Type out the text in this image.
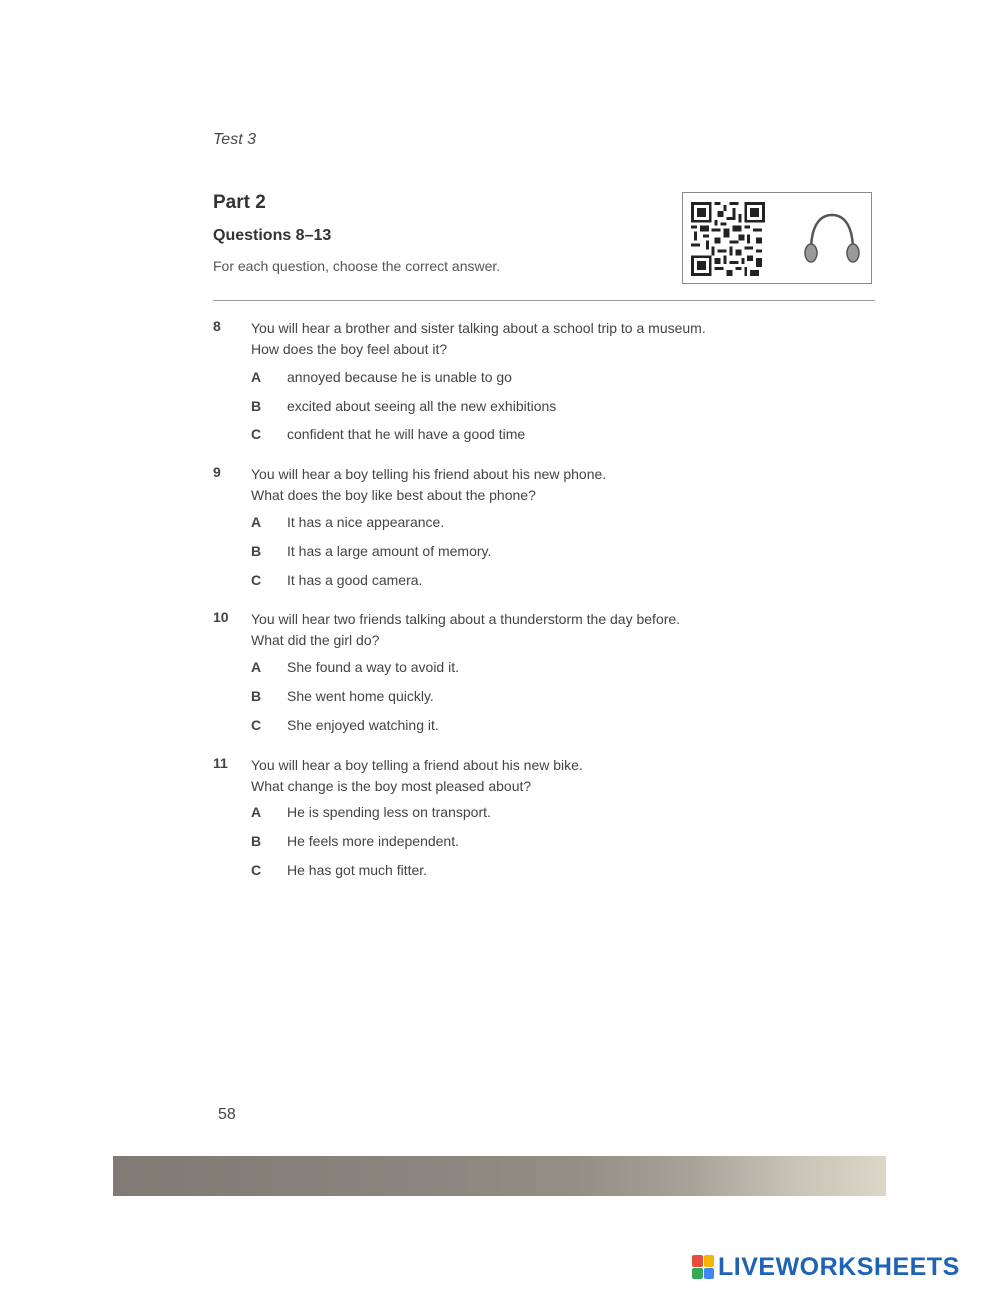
Test 3
Part 2
Questions 8–13
For each question, choose the correct answer.
8	You will hear a brother and sister talking about a school trip to a museum.
How does the boy feel about it?
A	annoyed because he is unable to go
B	excited about seeing all the new exhibitions
C	confident that he will have a good time
9	You will hear a boy telling his friend about his new phone.
What does the boy like best about the phone?
A	It has a nice appearance.
B	It has a large amount of memory.
C	It has a good camera.
10	You will hear two friends talking about a thunderstorm the day before.
What did the girl do?
A	She found a way to avoid it.
B	She went home quickly.
C	She enjoyed watching it.
11	You will hear a boy telling a friend about his new bike.
What change is the boy most pleased about?
A	He is spending less on transport.
B	He feels more independent.
C	He has got much fitter.
58
LIVEWORKSHEETS
